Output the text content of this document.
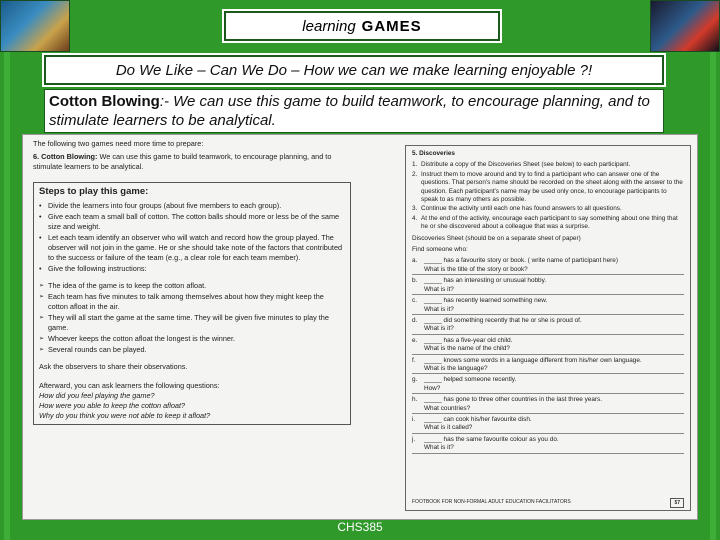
learning GAMES
Do We Like – Can We Do – How we can we make learning enjoyable ?!
Cotton Blowing:- We can use this game to build teamwork, to encourage planning, and to stimulate learners to be analytical.

The following two games need more time to prepare:

6. Cotton Blowing: We can use this game to build teamwork, to encourage planning, and to stimulate learners to be analytical.

Steps to play this game:
• Divide the learners into four groups (about five members to each group).
• Give each team a small ball of cotton. The cotton balls should more or less be of the same size and weight.
• Let each team identify an observer who will watch and record how the group played. The observer will not join in the game. He or she should take note of the factors that contributed to the success or failure of the team (e.g., a clear role for each team member).
• Give the following instructions:
➢ The idea of the game is to keep the cotton afloat.
➢ Each team has five minutes to talk among themselves about how they might keep the cotton afloat in the air.
➢ They will all start the game at the same time. They will be given five minutes to play the game.
➢ Whoever keeps the cotton afloat the longest is the winner.
➢ Several rounds can be played.

Ask the observers to share their observations.

Afterward, you can ask learners the following questions:

How did you feel playing the game?
How were you able to keep the cotton afloat?
Why do you think you were not able to keep it afloat?
5. Discoveries
1. Distribute a copy of the Discoveries Sheet (see below) to each participant.
2. Instruct them to move around and try to find a participant who can answer one of the questions. That person's name should be recorded on the sheet along with the answer to the question. Each participant's name may be used only once, to encourage participants to speak to as many others as possible.
3. Continue the activity until each one has found answers to all questions.
4. At the end of the activity, encourage each participant to say something about one thing that he or she discovered about a colleague that was a surprise.
Discoveries Sheet (should be on a separate sheet of paper)
Find someone who:
a. _____ has a favourite story or book. ( write name of participant here)
What is the title of the story or book?
b. _____ has an interesting or unusual hobby.
What is it?
c. _____ has recently learned something new.
What is it?
d. _____ did something recently that he or she is proud of.
What is it?
e. _____ has a five-year old child.
What is the name of the child?
f. _____ knows some words in a language different from his/her own language.
What is the language?
g. _____ helped someone recently.
How?
h. _____ has gone to three other countries in the last three years.
What countries?
i. _____ can cook his/her favourite dish.
What is it called?
j. _____ has the same favourite colour as you do.
What is it?
FOOTBOOK FOR NON-FORMAL ADULT EDUCATION FACILITATORS	57
CHS385
